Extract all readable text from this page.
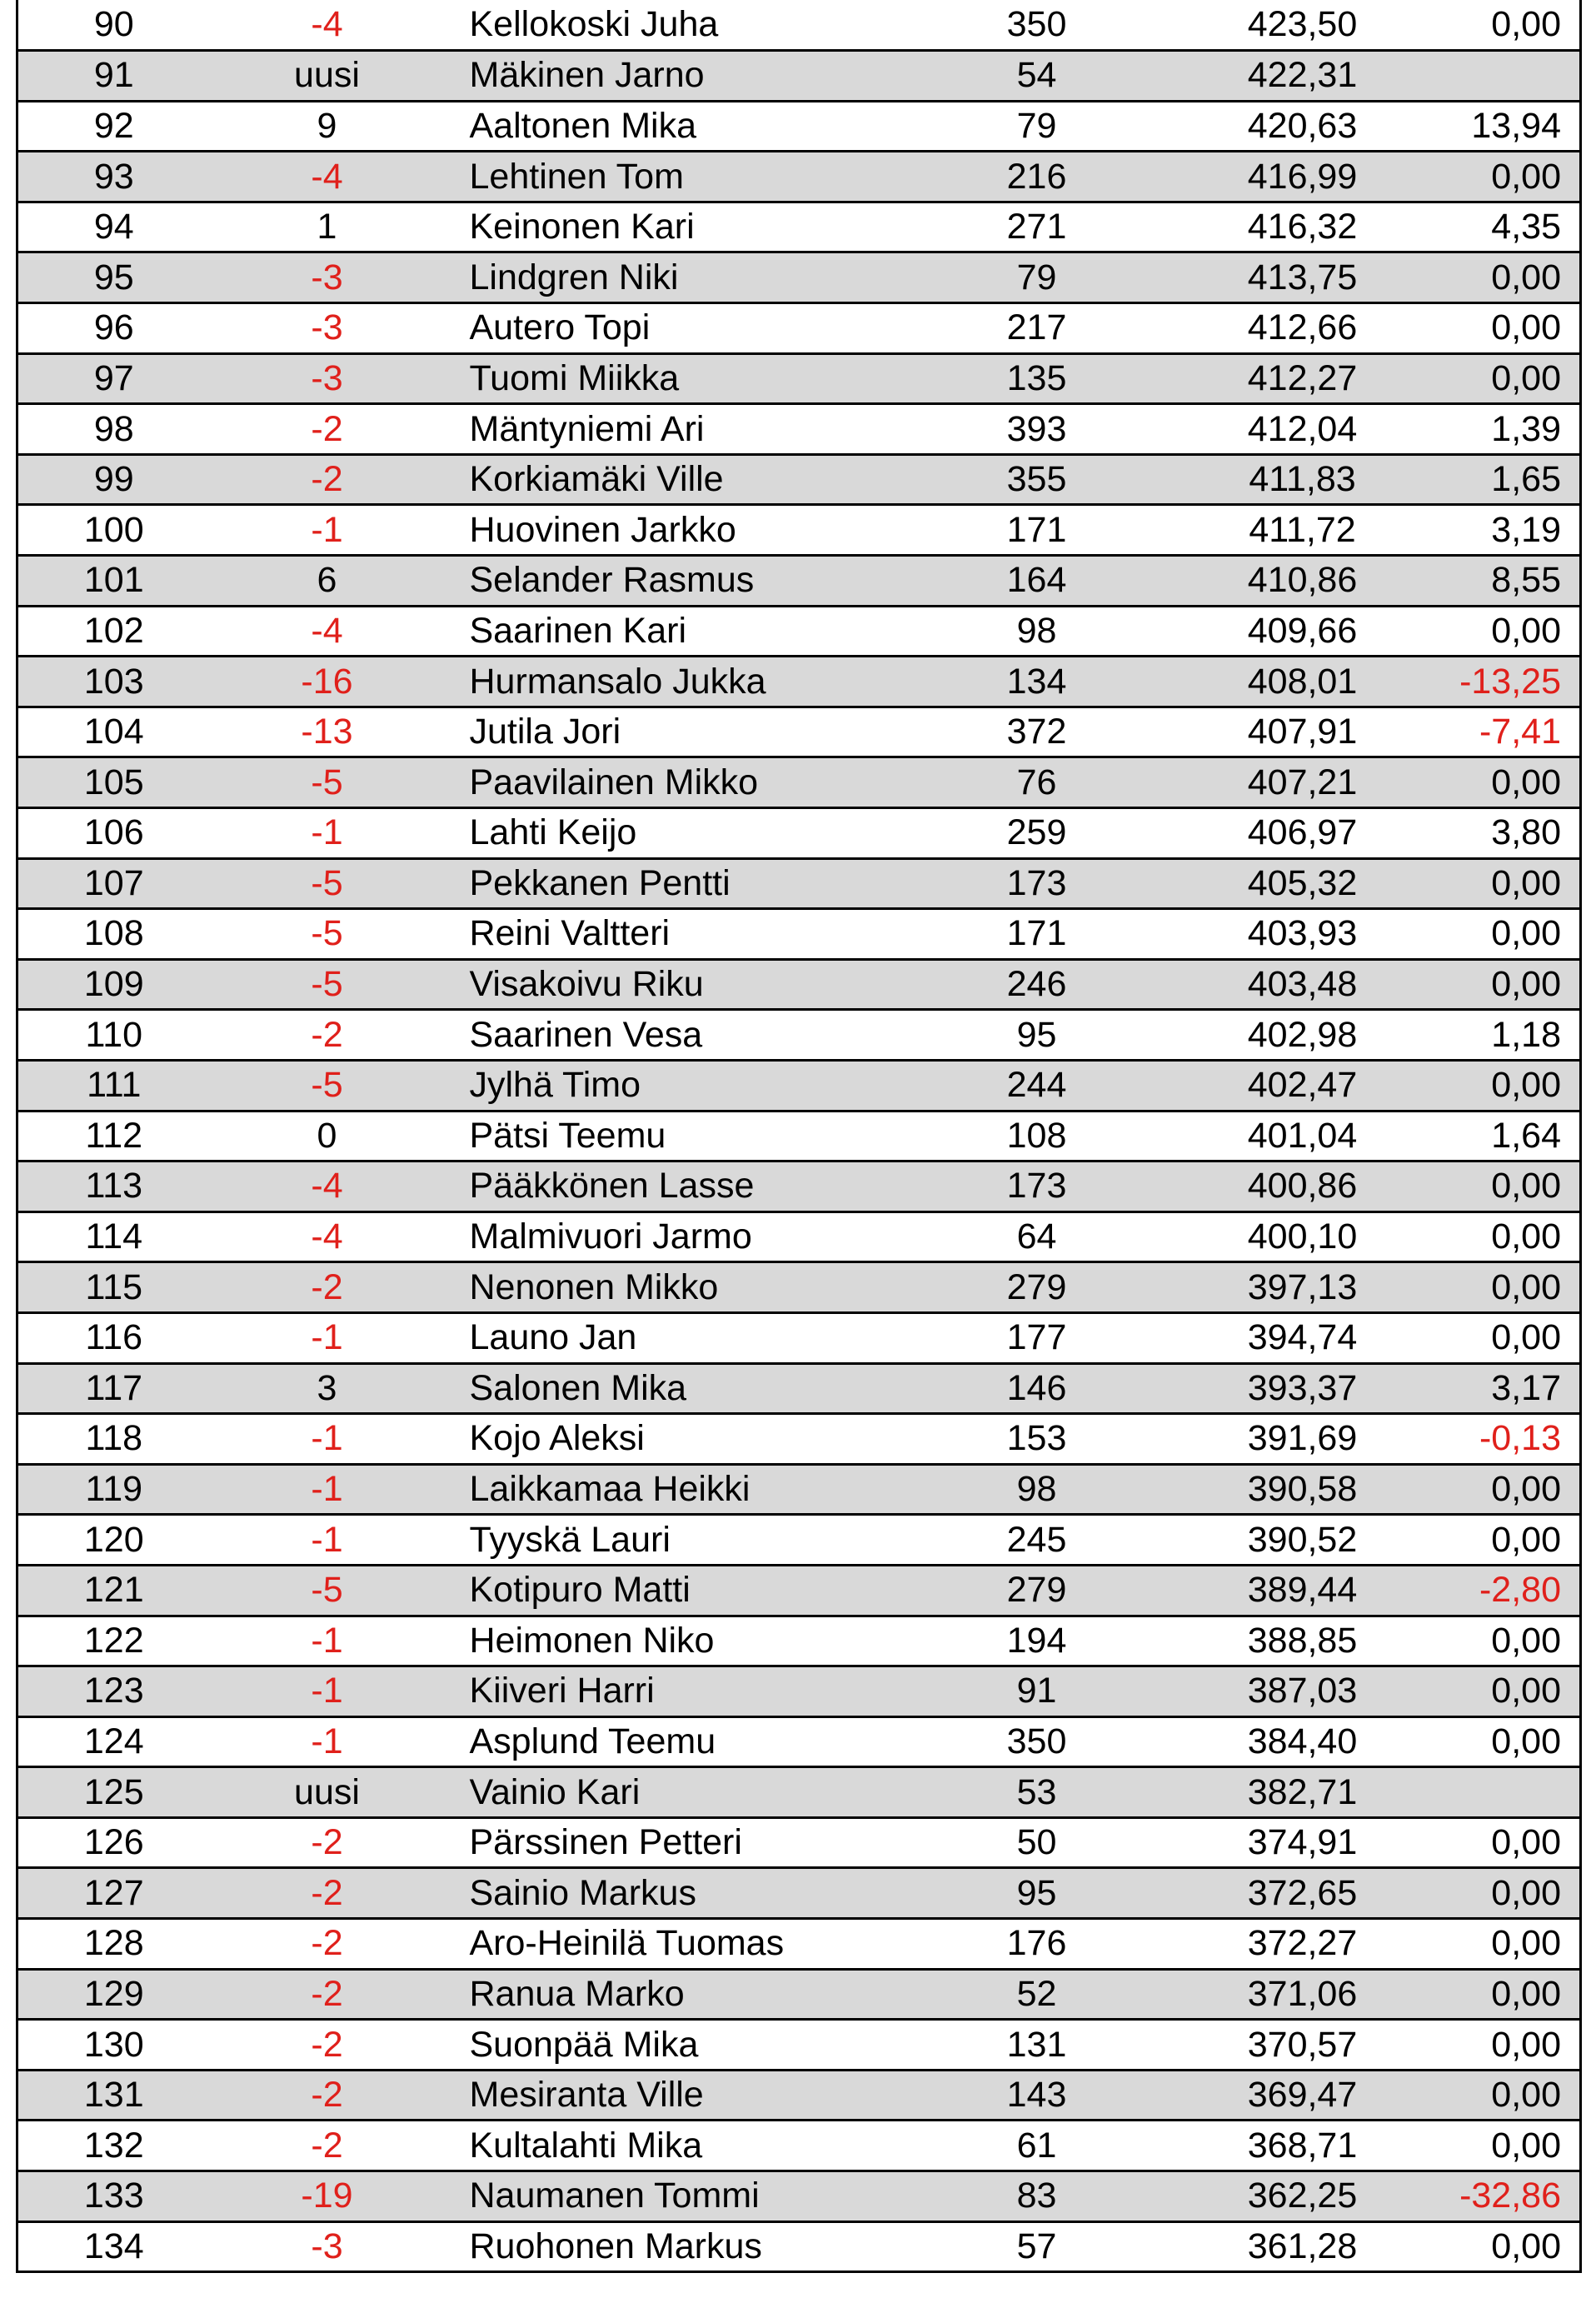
90	-4	Kellokoski Juha	350	423,50	0,00
91	uusi	Mäkinen Jarno	54	422,31	
92	9	Aaltonen Mika	79	420,63	13,94
93	-4	Lehtinen Tom	216	416,99	0,00
94	1	Keinonen Kari	271	416,32	4,35
95	-3	Lindgren Niki	79	413,75	0,00
96	-3	Autero Topi	217	412,66	0,00
97	-3	Tuomi Miikka	135	412,27	0,00
98	-2	Mäntyniemi Ari	393	412,04	1,39
99	-2	Korkiamäki Ville	355	411,83	1,65
100	-1	Huovinen Jarkko	171	411,72	3,19
101	6	Selander Rasmus	164	410,86	8,55
102	-4	Saarinen Kari	98	409,66	0,00
103	-16	Hurmansalo Jukka	134	408,01	-13,25
104	-13	Jutila Jori	372	407,91	-7,41
105	-5	Paavilainen Mikko	76	407,21	0,00
106	-1	Lahti Keijo	259	406,97	3,80
107	-5	Pekkanen Pentti	173	405,32	0,00
108	-5	Reini Valtteri	171	403,93	0,00
109	-5	Visakoivu Riku	246	403,48	0,00
110	-2	Saarinen Vesa	95	402,98	1,18
111	-5	Jylhä Timo	244	402,47	0,00
112	0	Pätsi Teemu	108	401,04	1,64
113	-4	Pääkkönen Lasse	173	400,86	0,00
114	-4	Malmivuori Jarmo	64	400,10	0,00
115	-2	Nenonen Mikko	279	397,13	0,00
116	-1	Launo Jan	177	394,74	0,00
117	3	Salonen Mika	146	393,37	3,17
118	-1	Kojo Aleksi	153	391,69	-0,13
119	-1	Laikkamaa Heikki	98	390,58	0,00
120	-1	Tyyskä Lauri	245	390,52	0,00
121	-5	Kotipuro Matti	279	389,44	-2,80
122	-1	Heimonen Niko	194	388,85	0,00
123	-1	Kiiveri Harri	91	387,03	0,00
124	-1	Asplund Teemu	350	384,40	0,00
125	uusi	Vainio Kari	53	382,71	
126	-2	Pärssinen Petteri	50	374,91	0,00
127	-2	Sainio Markus	95	372,65	0,00
128	-2	Aro-Heinilä Tuomas	176	372,27	0,00
129	-2	Ranua Marko	52	371,06	0,00
130	-2	Suonpää Mika	131	370,57	0,00
131	-2	Mesiranta Ville	143	369,47	0,00
132	-2	Kultalahti Mika	61	368,71	0,00
133	-19	Naumanen Tommi	83	362,25	-32,86
134	-3	Ruohonen Markus	57	361,28	0,00
